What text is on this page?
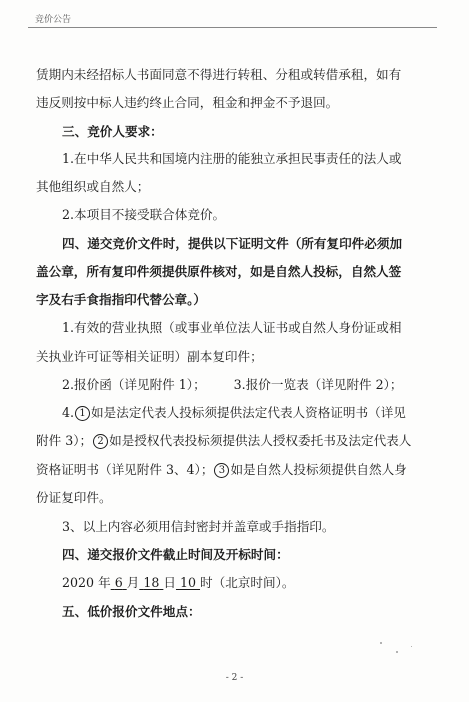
竞价公告
赁期内未经招标人书面同意不得进行转租、分租或转借承租，如有
违反则按中标人违约终止合同，租金和押金不予退回。
三、竞价人要求：
1.在中华人民共和国境内注册的能独立承担民事责任的法人或
其他组织或自然人；
2.本项目不接受联合体竞价。
四、递交竞价文件时，提供以下证明文件（所有复印件必须加
盖公章，所有复印件须提供原件核对，如是自然人投标，自然人签
字及右手食指指印代替公章。）
1.有效的营业执照（或事业单位法人证书或自然人身份证或相
关执业许可证等相关证明）副本复印件；
2.报价函（详见附件 1）； 3.报价一览表（详见附件 2）；
4. 1 如是法定代表人投标须提供法定代表人资格证明书（详见
附件 3）； 2 如是授权代表投标须提供法人授权委托书及法定代表人
资格证明书（详见附件 3、4）； 3 如是自然人投标须提供自然人身
份证复印件。
3、以上内容必须用信封密封并盖章或手指指印。
四、递交报价文件截止时间及开标时间：
2020 年 6 月 18 日 10 时（北京时间）。
五、低价报价文件地点：
- 2 -
